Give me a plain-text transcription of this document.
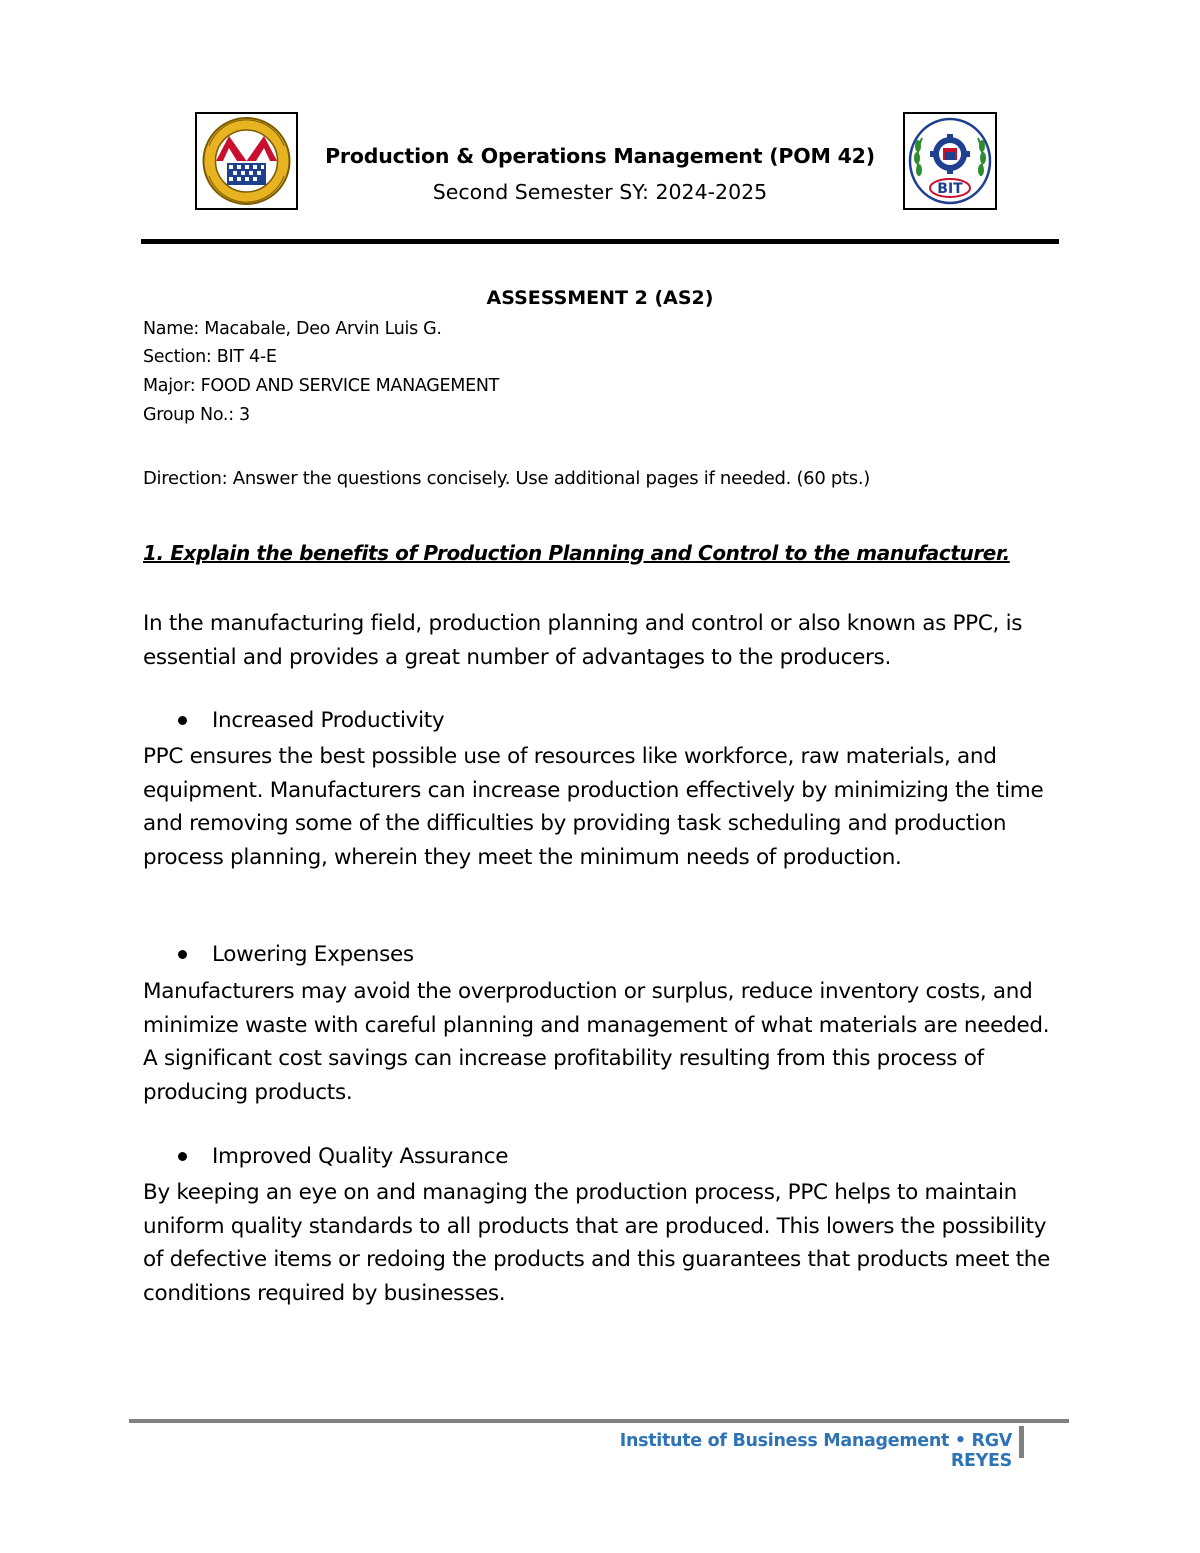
Production & Operations Management (POM 42)
Second Semester SY: 2024-2025	BIT
ASSESSMENT 2 (AS2)
Name: Macabale, Deo Arvin Luis G.
Section: BIT 4-E
Major: FOOD AND SERVICE MANAGEMENT
Group No.: 3
Direction: Answer the questions concisely. Use additional pages if needed. (60 pts.)
1. Explain the benefits of Production Planning and Control to the manufacturer.
In the manufacturing field, production planning and control or also known as PPC, is essential and provides a great number of advantages to the producers.
Increased Productivity
PPC ensures the best possible use of resources like workforce, raw materials, and equipment. Manufacturers can increase production effectively by minimizing the time and removing some of the difficulties by providing task scheduling and production process planning, wherein they meet the minimum needs of production.
Lowering Expenses
Manufacturers may avoid the overproduction or surplus, reduce inventory costs, and minimize waste with careful planning and management of what materials are needed. A significant cost savings can increase profitability resulting from this process of producing products.
Improved Quality Assurance
By keeping an eye on and managing the production process, PPC helps to maintain uniform quality standards to all products that are produced. This lowers the possibility of defective items or redoing the products and this guarantees that products meet the conditions required by businesses.
Institute of Business Management • RGV REYES
